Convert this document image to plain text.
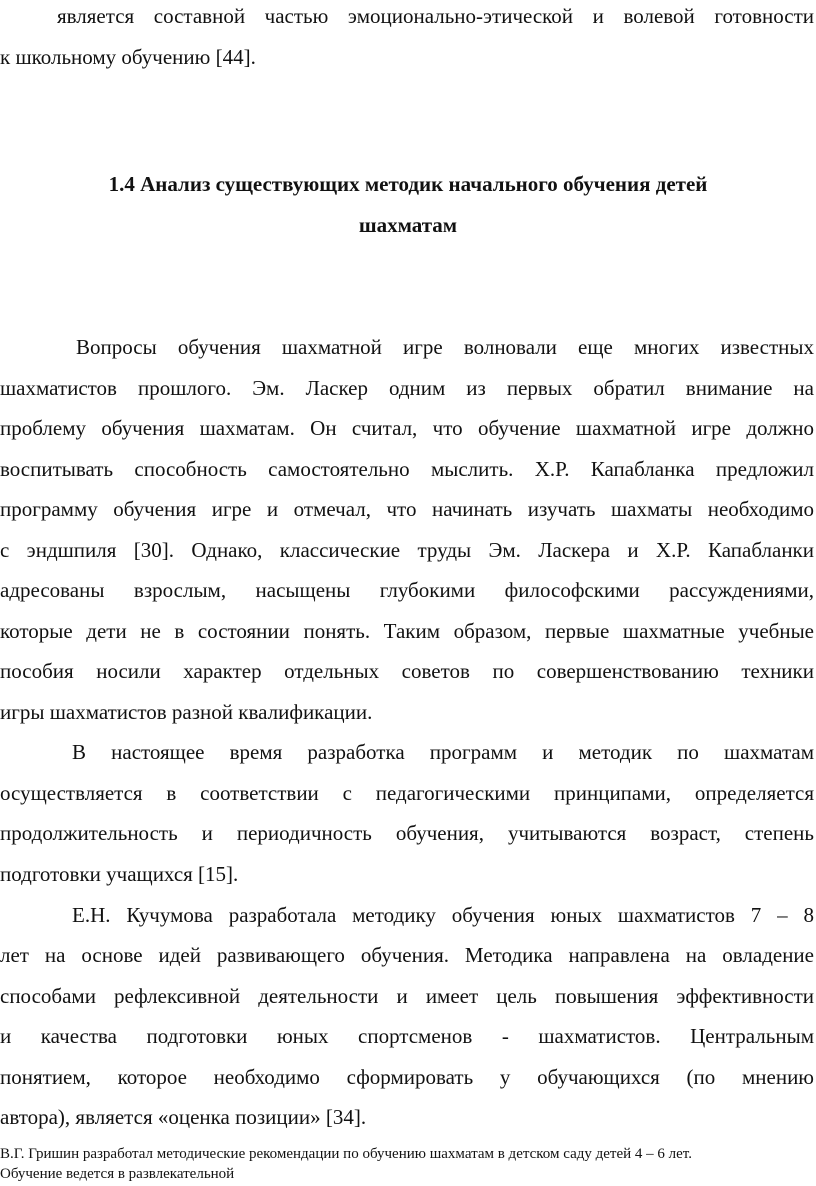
является составной частью эмоционально-этической и волевой готовности
к школьному обучению [44].
1.4 Анализ существующих методик начального обучения детей
шахматам
Вопросы обучения шахматной игре волновали еще многих известных
шахматистов прошлого. Эм. Ласкер одним из первых обратил внимание на
проблему обучения шахматам. Он считал, что обучение шахматной игре должно
воспитывать способность самостоятельно мыслить. Х.Р. Капабланка предложил
программу обучения игре и отмечал, что начинать изучать шахматы необходимо
с эндшпиля [30]. Однако, классические труды Эм. Ласкера и Х.Р. Капабланки
адресованы взрослым, насыщены глубокими философскими рассуждениями,
которые дети не в состоянии понять. Таким образом, первые шахматные учебные
пособия носили характер отдельных советов по совершенствованию техники
игры шахматистов разной квалификации.
В настоящее время разработка программ и методик по шахматам
осуществляется в соответствии с педагогическими принципами, определяется
продолжительность и периодичность обучения, учитываются возраст, степень
подготовки учащихся [15].
Е.Н. Кучумова разработала методику обучения юных шахматистов 7 – 8
лет на основе идей развивающего обучения. Методика направлена на овладение
способами рефлексивной деятельности и имеет цель повышения эффективности
и качества подготовки юных спортсменов - шахматистов. Центральным
понятием, которое необходимо сформировать у обучающихся (по мнению
автора), является «оценка позиции» [34].
В.Г. Гришин разработал методические рекомендации по обучению шахматам в детском саду детей 4 – 6 лет.
Обучение ведется в развлекательной
